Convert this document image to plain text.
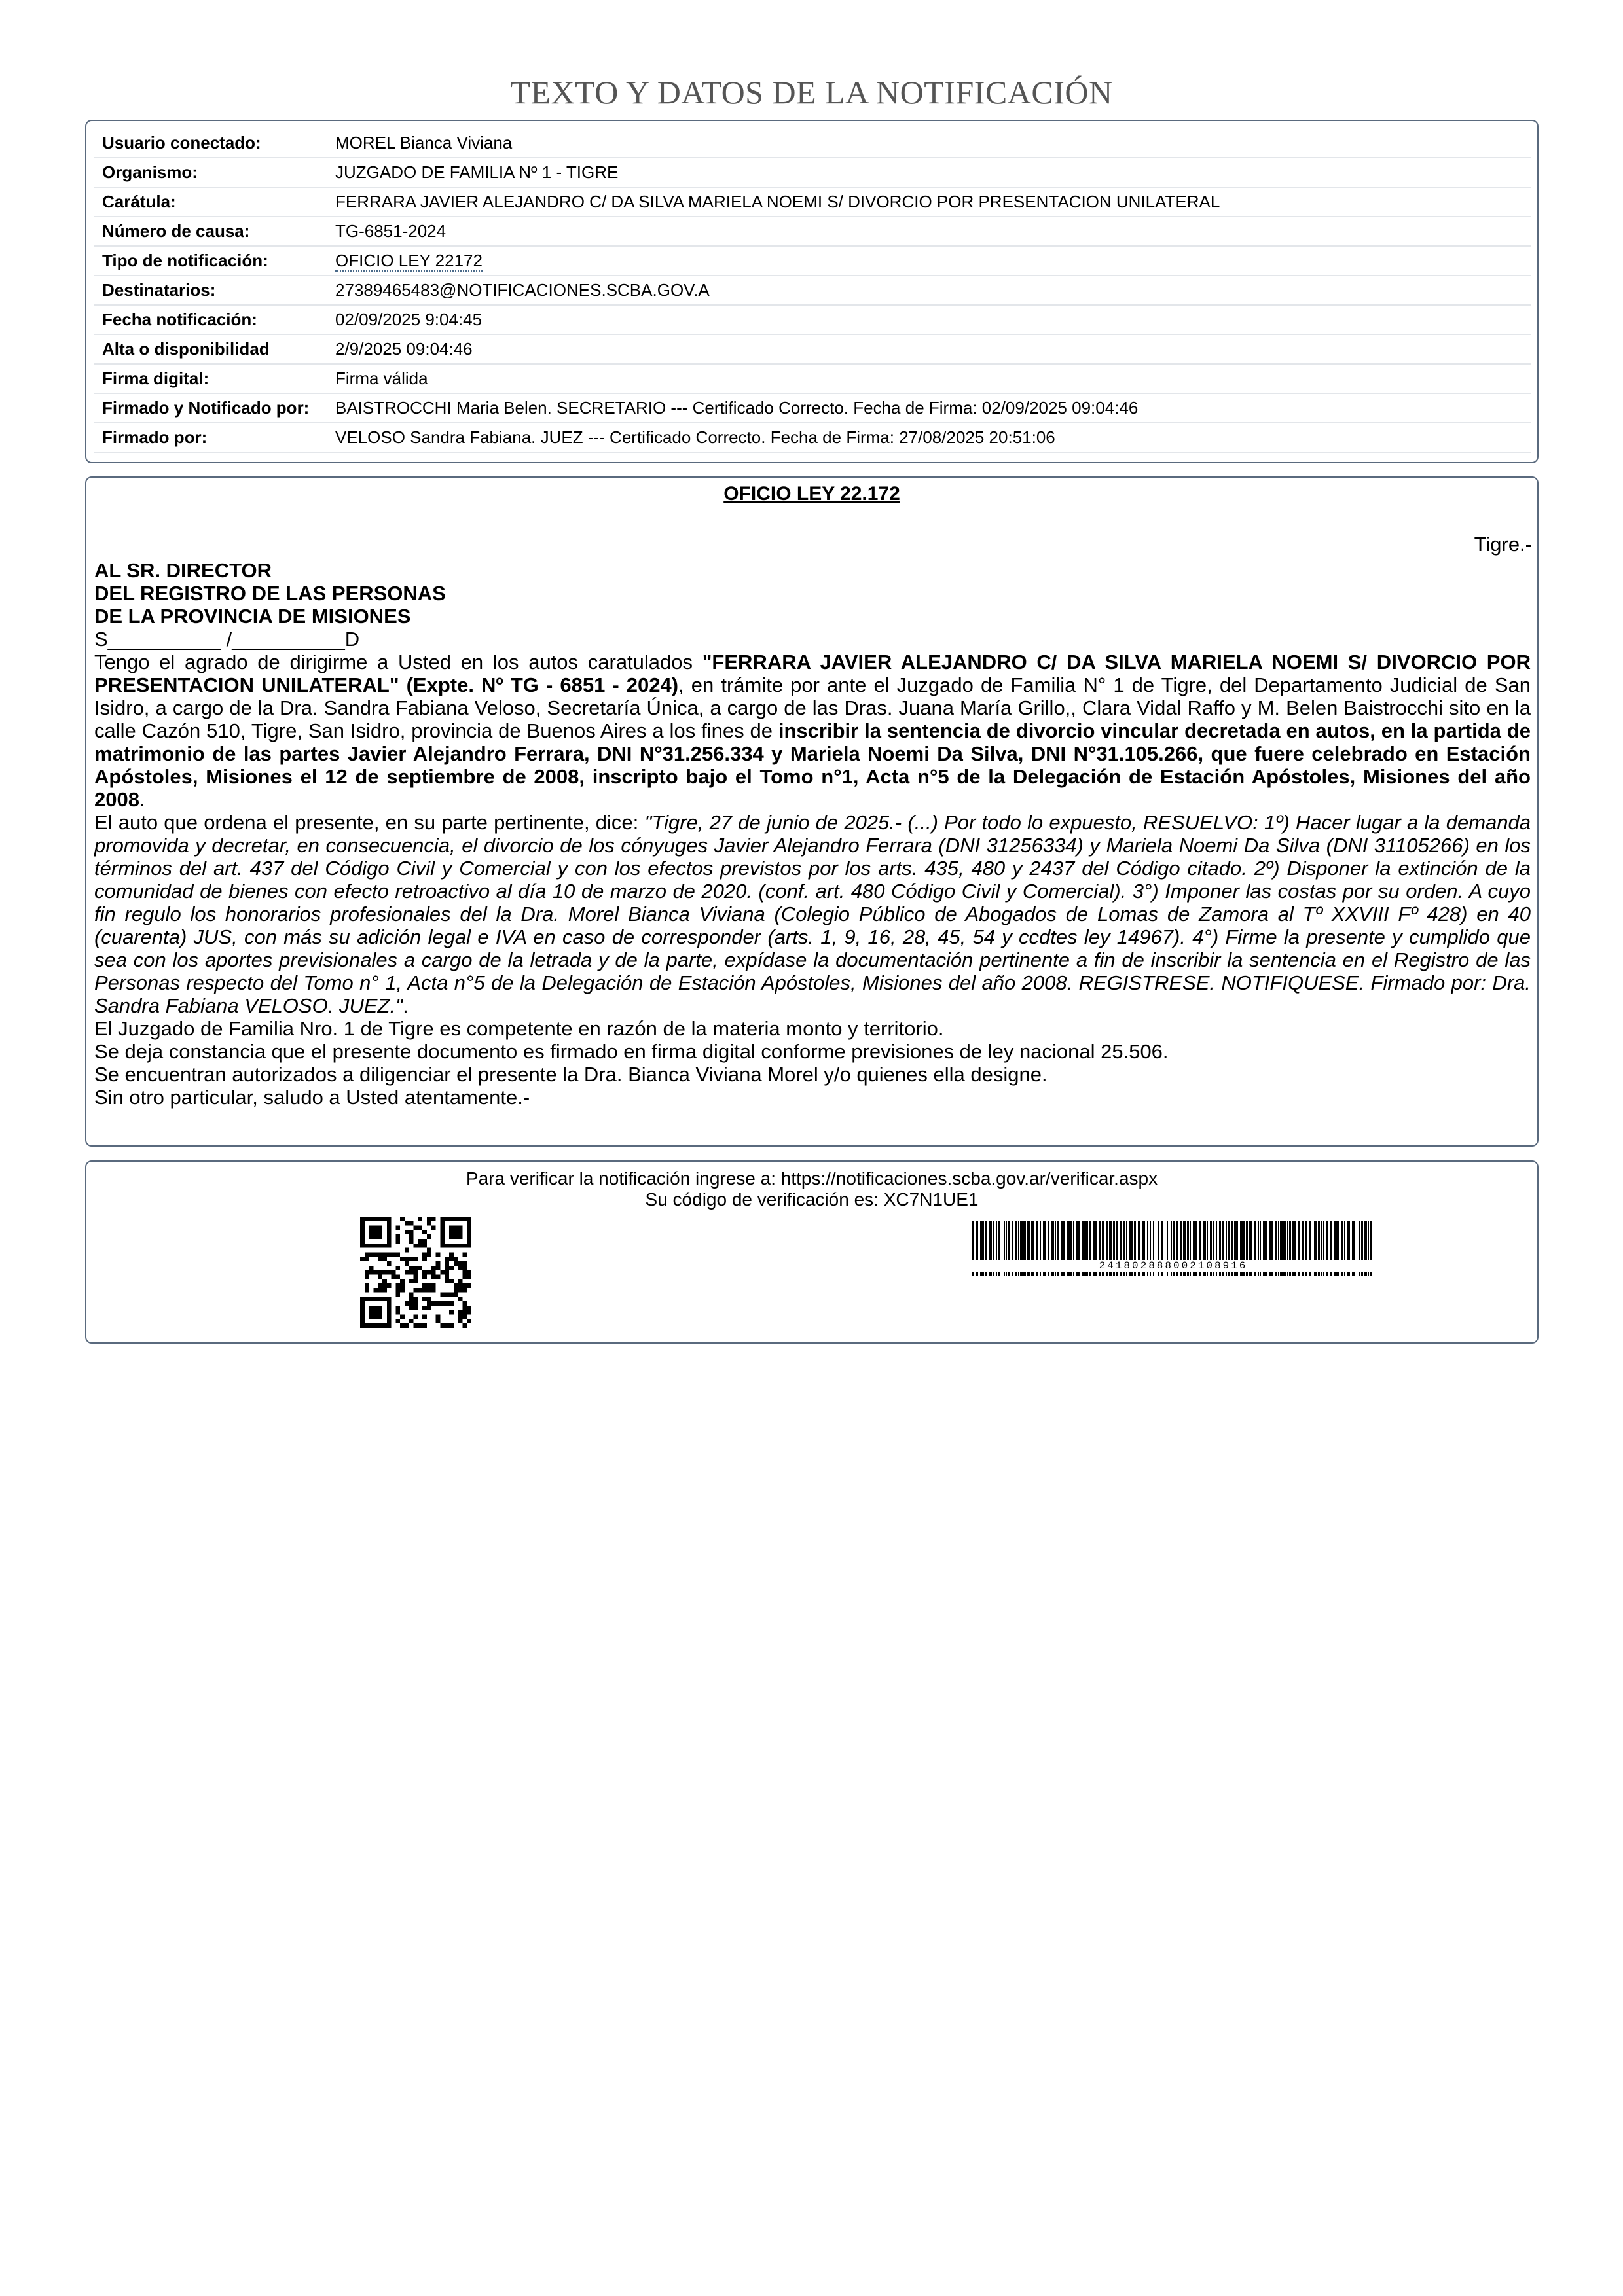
TEXTO Y DATOS DE LA NOTIFICACIÓN
Usuario conectado:	MOREL Bianca Viviana
Organismo:	JUZGADO DE FAMILIA Nº 1 - TIGRE
Carátula:	FERRARA JAVIER ALEJANDRO C/ DA SILVA MARIELA NOEMI S/ DIVORCIO POR PRESENTACION UNILATERAL
Número de causa:	TG-6851-2024
Tipo de notificación:	OFICIO LEY 22172
Destinatarios:	27389465483@NOTIFICACIONES.SCBA.GOV.A
Fecha notificación:	02/09/2025 9:04:45
Alta o disponibilidad	2/9/2025 09:04:46
Firma digital:	Firma válida
Firmado y Notificado por:	BAISTROCCHI Maria Belen. SECRETARIO --- Certificado Correcto. Fecha de Firma: 02/09/2025 09:04:46
Firmado por:	VELOSO Sandra Fabiana. JUEZ --- Certificado Correcto. Fecha de Firma: 27/08/2025 20:51:06
OFICIO LEY 22.172
Tigre.-

AL SR. DIRECTOR

DEL REGISTRO DE LAS PERSONAS

DE LA PROVINCIA DE MISIONES

S__________ /__________D

Tengo el agrado de dirigirme a Usted en los autos caratulados "FERRARA JAVIER ALEJANDRO C/ DA SILVA MARIELA NOEMI S/ DIVORCIO POR PRESENTACION UNILATERAL" (Expte. Nº TG - 6851 - 2024), en trámite por ante el Juzgado de Familia N° 1 de Tigre, del Departamento Judicial de San Isidro, a cargo de la Dra. Sandra Fabiana Veloso, Secretaría Única, a cargo de las Dras. Juana María Grillo,, Clara Vidal Raffo y M. Belen Baistrocchi sito en la calle Cazón 510, Tigre, San Isidro, provincia de Buenos Aires a los fines de inscribir la sentencia de divorcio vincular decretada en autos, en la partida de matrimonio de las partes Javier Alejandro Ferrara, DNI N°31.256.334 y Mariela Noemi Da Silva, DNI N°31.105.266, que fuere celebrado en Estación Apóstoles, Misiones el 12 de septiembre de 2008, inscripto bajo el Tomo n°1, Acta n°5 de la Delegación de Estación Apóstoles, Misiones del año 2008.

El auto que ordena el presente, en su parte pertinente, dice: "Tigre, 27 de junio de 2025.- (...) Por todo lo expuesto, RESUELVO: 1º) Hacer lugar a la demanda promovida y decretar, en consecuencia, el divorcio de los cónyuges Javier Alejandro Ferrara (DNI 31256334) y Mariela Noemi Da Silva (DNI 31105266) en los términos del art. 437 del Código Civil y Comercial y con los efectos previstos por los arts. 435, 480 y 2437 del Código citado. 2º) Disponer la extinción de la comunidad de bienes con efecto retroactivo al día 10 de marzo de 2020. (conf. art. 480 Código Civil y Comercial). 3°) Imponer las costas por su orden. A cuyo fin regulo los honorarios profesionales del la Dra. Morel Bianca Viviana (Colegio Público de Abogados de Lomas de Zamora al Tº XXVIII Fº 428) en 40 (cuarenta) JUS, con más su adición legal e IVA en caso de corresponder (arts. 1, 9, 16, 28, 45, 54 y ccdtes ley 14967). 4°) Firme la presente y cumplido que sea con los aportes previsionales a cargo de la letrada y de la parte, expídase la documentación pertinente a fin de inscribir la sentencia en el Registro de las Personas respecto del Tomo n° 1, Acta n°5 de la Delegación de Estación Apóstoles, Misiones del año 2008. REGISTRESE. NOTIFIQUESE. Firmado por: Dra. Sandra Fabiana VELOSO. JUEZ.".

El Juzgado de Familia Nro. 1 de Tigre es competente en razón de la materia monto y territorio.

Se deja constancia que el presente documento es firmado en firma digital conforme previsiones de ley nacional 25.506.

Se encuentran autorizados a diligenciar el presente la Dra. Bianca Viviana Morel y/o quienes ella designe.

Sin otro particular, saludo a Usted atentamente.-

Para verificar la notificación ingrese a: https://notificaciones.scba.gov.ar/verificar.aspx
Su código de verificación es: XC7N1UE1
241802888002108916
